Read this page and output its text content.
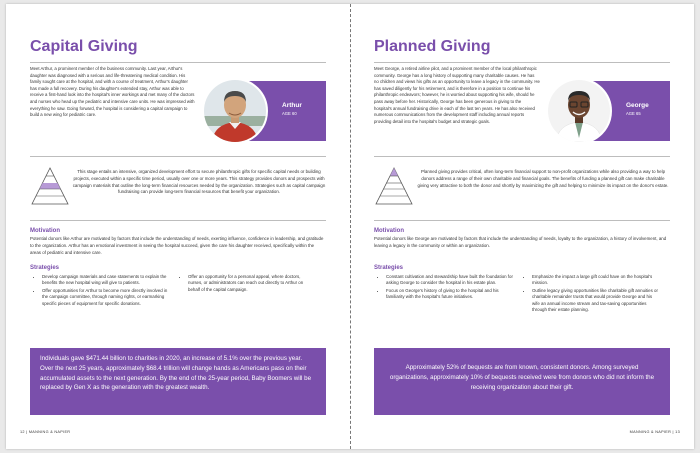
Capital Giving

Meet Arthur, a prominent member of the business community. Last year, Arthur's daughter was diagnosed with a serious and life-threatening medical condition. His family sought care at the hospital, and with a course of treatment, Arthur's daughter has made a full recovery. During his daughter's extended stay, Arthur was able to receive a first-hand look into the hospital's inner workings and met many of the doctors and nurses who head up the pediatric and intensive care units. He was impressed with everything he saw. Going forward, the hospital is considering a capital campaign to build a new wing for pediatric care.

Arthur
AGE 60

This stage entails an intensive, organized development effort to secure philanthropic gifts for specific capital needs or building projects, executed within a specific time period, usually over one or more years. This strategy provides donors and prospects with campaign materials that outline the long-term financial resources needed by the organization. Strategies such as capital campaign fundraising can provide long-term financial resources that benefit your organization.

Motivation

Potential donors like Arthur are motivated by factors that include the understanding of needs, exerting influence, confidence in leadership, and gratitude to the organization. Arthur has an emotional investment in seeing the hospital succeed, given the care his daughter received, specifically within the areas of pediatric and intensive care.

Strategies
• Develop campaign materials and case statements to explain the benefits the new hospital wing will give to patients.
• Offer opportunities for Arthur to become more directly involved in the campaign committee, through naming rights, or earmarking specific pieces of equipment for specific donations.
• Offer an opportunity for a personal appeal, where doctors, nurses, or administrators can reach out directly to Arthur on behalf of the capital campaign.
Individuals gave $471.44 billion to charities in 2020, an increase of 5.1% over the previous year. Over the next 25 years, approximately $68.4 trillion will change hands as Americans pass on their accumulated assets to the next generation. By the end of the 25-year period, Baby Boomers will be replaced by Gen X as the generation with the greatest wealth.
12 | MANNING & NAPIER
Planned Giving

Meet George, a retired airline pilot, and a prominent member of the local philanthropic community. George has a long history of supporting many charitable causes. He has no children and views his gifts as an opportunity to leave a legacy in the community. He has saved diligently for his retirement, and is therefore in a position to continue his philanthropic endeavors; however, he is worried about supporting his wife, should he pass away before her. Historically, George has been generous in giving to the hospital's annual fundraising drive in each of the last ten years. He has also received numerous communications from the development staff including annual reports providing detail into the hospital's budget and strategic goals.

George
AGE 65

Planned giving provides critical, often long-term financial support to non-profit organizations while also providing a way to help donors address a range of their own charitable and financial goals. The benefits of funding a planned gift can make charitable giving very attractive to both the donor and shortly by maximizing the gift and helping to minimize its impact on the donor's estate.

Motivation

Potential donors like George are motivated by factors that include the understanding of needs, loyalty to the organization, a history of involvement, and leaving a legacy in the community or within an organization.

Strategies
• Constant cultivation and stewardship have built the foundation for asking George to consider the hospital in his estate plan.
• Focus on George's history of giving to the hospital and his familiarity with the hospital's future initiatives.
• Emphasize the impact a large gift could have on the hospital's mission.
• Outline legacy giving opportunities like charitable gift annuities or charitable remainder trusts that would provide George and his wife an annual income stream and tax-saving opportunities through their estate planning.
Approximately 52% of bequests are from known, consistent donors. Among surveyed organizations, approximately 10% of bequests received were from donors who did not inform the receiving organization about their gift.
MANNING & NAPIER | 13
